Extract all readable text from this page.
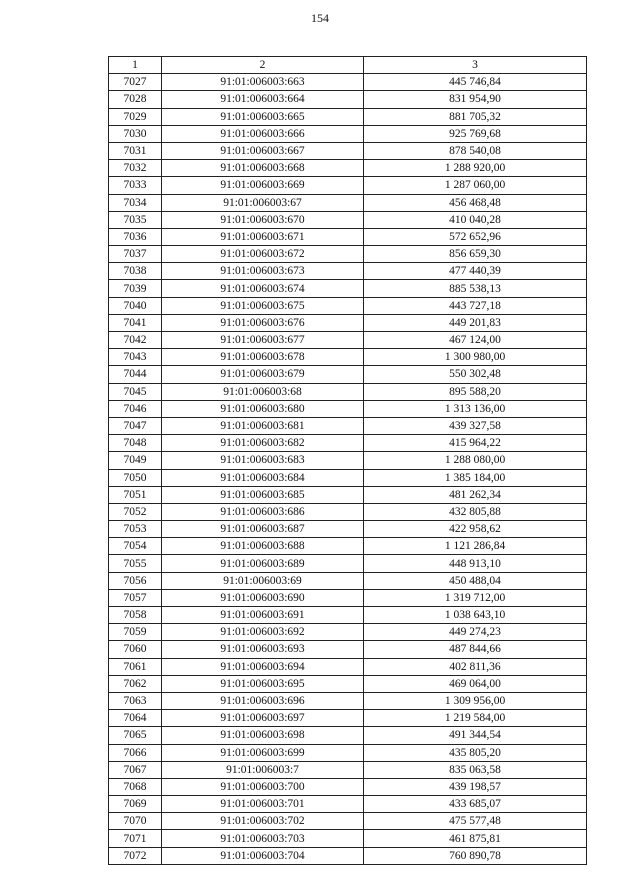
154
1	2	3
7027	91:01:006003:663	445 746,84
7028	91:01:006003:664	831 954,90
7029	91:01:006003:665	881 705,32
7030	91:01:006003:666	925 769,68
7031	91:01:006003:667	878 540,08
7032	91:01:006003:668	1 288 920,00
7033	91:01:006003:669	1 287 060,00
7034	91:01:006003:67	456 468,48
7035	91:01:006003:670	410 040,28
7036	91:01:006003:671	572 652,96
7037	91:01:006003:672	856 659,30
7038	91:01:006003:673	477 440,39
7039	91:01:006003:674	885 538,13
7040	91:01:006003:675	443 727,18
7041	91:01:006003:676	449 201,83
7042	91:01:006003:677	467 124,00
7043	91:01:006003:678	1 300 980,00
7044	91:01:006003:679	550 302,48
7045	91:01:006003:68	895 588,20
7046	91:01:006003:680	1 313 136,00
7047	91:01:006003:681	439 327,58
7048	91:01:006003:682	415 964,22
7049	91:01:006003:683	1 288 080,00
7050	91:01:006003:684	1 385 184,00
7051	91:01:006003:685	481 262,34
7052	91:01:006003:686	432 805,88
7053	91:01:006003:687	422 958,62
7054	91:01:006003:688	1 121 286,84
7055	91:01:006003:689	448 913,10
7056	91:01:006003:69	450 488,04
7057	91:01:006003:690	1 319 712,00
7058	91:01:006003:691	1 038 643,10
7059	91:01:006003:692	449 274,23
7060	91:01:006003:693	487 844,66
7061	91:01:006003:694	402 811,36
7062	91:01:006003:695	469 064,00
7063	91:01:006003:696	1 309 956,00
7064	91:01:006003:697	1 219 584,00
7065	91:01:006003:698	491 344,54
7066	91:01:006003:699	435 805,20
7067	91:01:006003:7	835 063,58
7068	91:01:006003:700	439 198,57
7069	91:01:006003:701	433 685,07
7070	91:01:006003:702	475 577,48
7071	91:01:006003:703	461 875,81
7072	91:01:006003:704	760 890,78
